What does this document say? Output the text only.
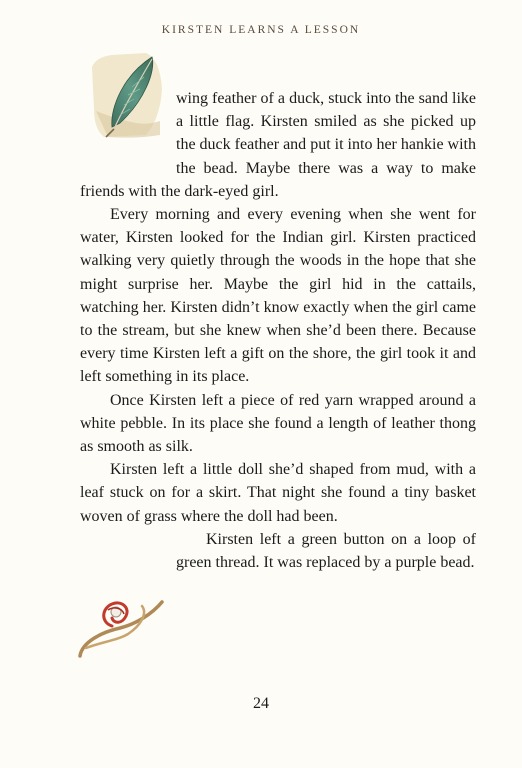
KIRSTEN LEARNS A LESSON

wing feather of a duck, stuck into the sand like a little flag. Kirsten smiled as she picked up the duck feather and put it into her hankie with the bead. Maybe there was a way to make friends with the dark-eyed girl.

Every morning and every evening when she went for water, Kirsten looked for the Indian girl. Kirsten practiced walking very quietly through the woods in the hope that she might surprise her. Maybe the girl hid in the cattails, watching her. Kirsten didn’t know exactly when the girl came to the stream, but she knew when she’d been there. Because every time Kirsten left a gift on the shore, the girl took it and left something in its place.

Once Kirsten left a piece of red yarn wrapped around a white pebble. In its place she found a length of leather thong as smooth as silk.

Kirsten left a little doll she’d shaped from mud, with a leaf stuck on for a skirt. That night she found a tiny basket woven of grass where the doll had been.

Kirsten left a green button on a loop of green thread. It was replaced by a purple bead.

24
